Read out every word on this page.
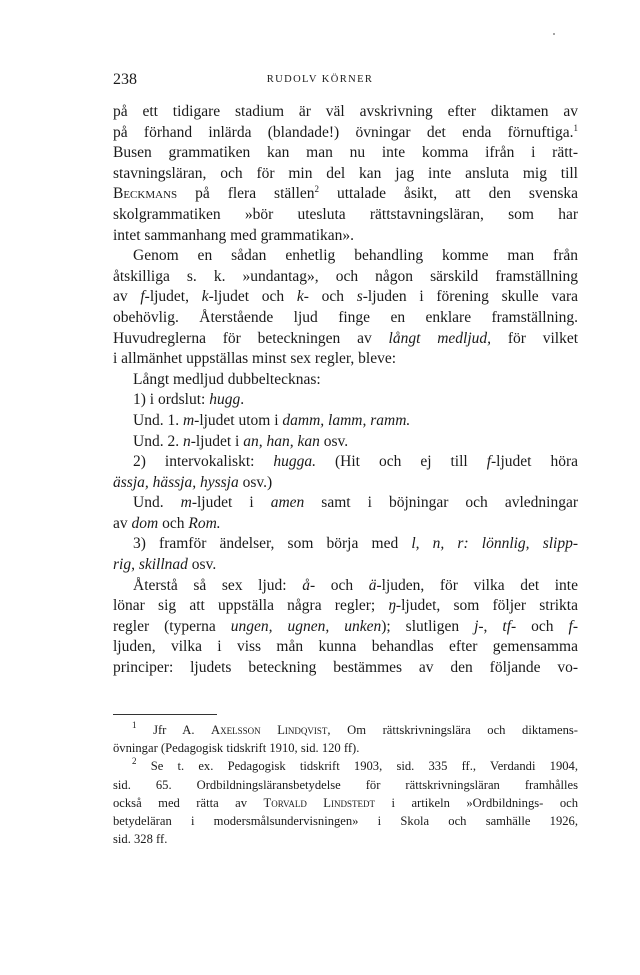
238	RUDOLV KÖRNER
på ett tidigare stadium är väl avskrivning efter diktamen av
på förhand inlärda (blandade!) övningar det enda förnuftiga.$^1$
Busen grammatiken kan man nu inte komma ifrån i rätt-
stavningsläran, och för min del kan jag inte ansluta mig till
Beckmans på flera ställen$^2$ uttalade åsikt, att den svenska
skolgrammatiken »bör utesluta rättstavningsläran, som har
intet sammanhang med grammatikan».
Genom en sådan enhetlig behandling komme man från
åtskilliga s. k. »undantag», och någon särskild framställning
av f-ljudet, k-ljudet och k- och s-ljuden i förening skulle vara
obehövlig. Återstående ljud finge en enklare framställning.
Huvudreglerna för beteckningen av långt medljud, för vilket
i allmänhet uppställas minst sex regler, bleve:
Långt medljud dubbeltecknas:
1) i ordslut: hugg.
Und. 1. m-ljudet utom i damm, lamm, ramm.
Und. 2. n-ljudet i an, han, kan osv.
2) intervokaliskt: hugga. (Hit och ej till f-ljudet höra
ässja, hässja, hyssja osv.)
Und. m-ljudet i amen samt i böjningar och avledningar
av dom och Rom.
3) framför ändelser, som börja med l, n, r: lönnlig, slipp-
rig, skillnad osv.
Återstå så sex ljud: å- och ä-ljuden, för vilka det inte
lönar sig att uppställa några regler; ŋ-ljudet, som följer strikta
regler (typerna ungen, ugnen, unken); slutligen j-, tf- och f-
ljuden, vilka i viss mån kunna behandlas efter gemensamma
principer: ljudets beteckning bestämmes av den följande vo-
$^1$ Jfr A. Axelsson Lindqvist, Om rättskrivningslära och diktamens-
övningar (Pedagogisk tidskrift 1910, sid. 120 ff).
$^2$ Se t. ex. Pedagogisk tidskrift 1903, sid. 335 ff., Verdandi 1904,
sid. 65. Ordbildningsläransbetydelse för rättskrivningsläran framhålles
också med rätta av Torvald Lindstedt i artikeln »Ordbildnings- och
betydeläran i modersmålsundervisningen» i Skola och samhälle 1926,
sid. 328 ff.
